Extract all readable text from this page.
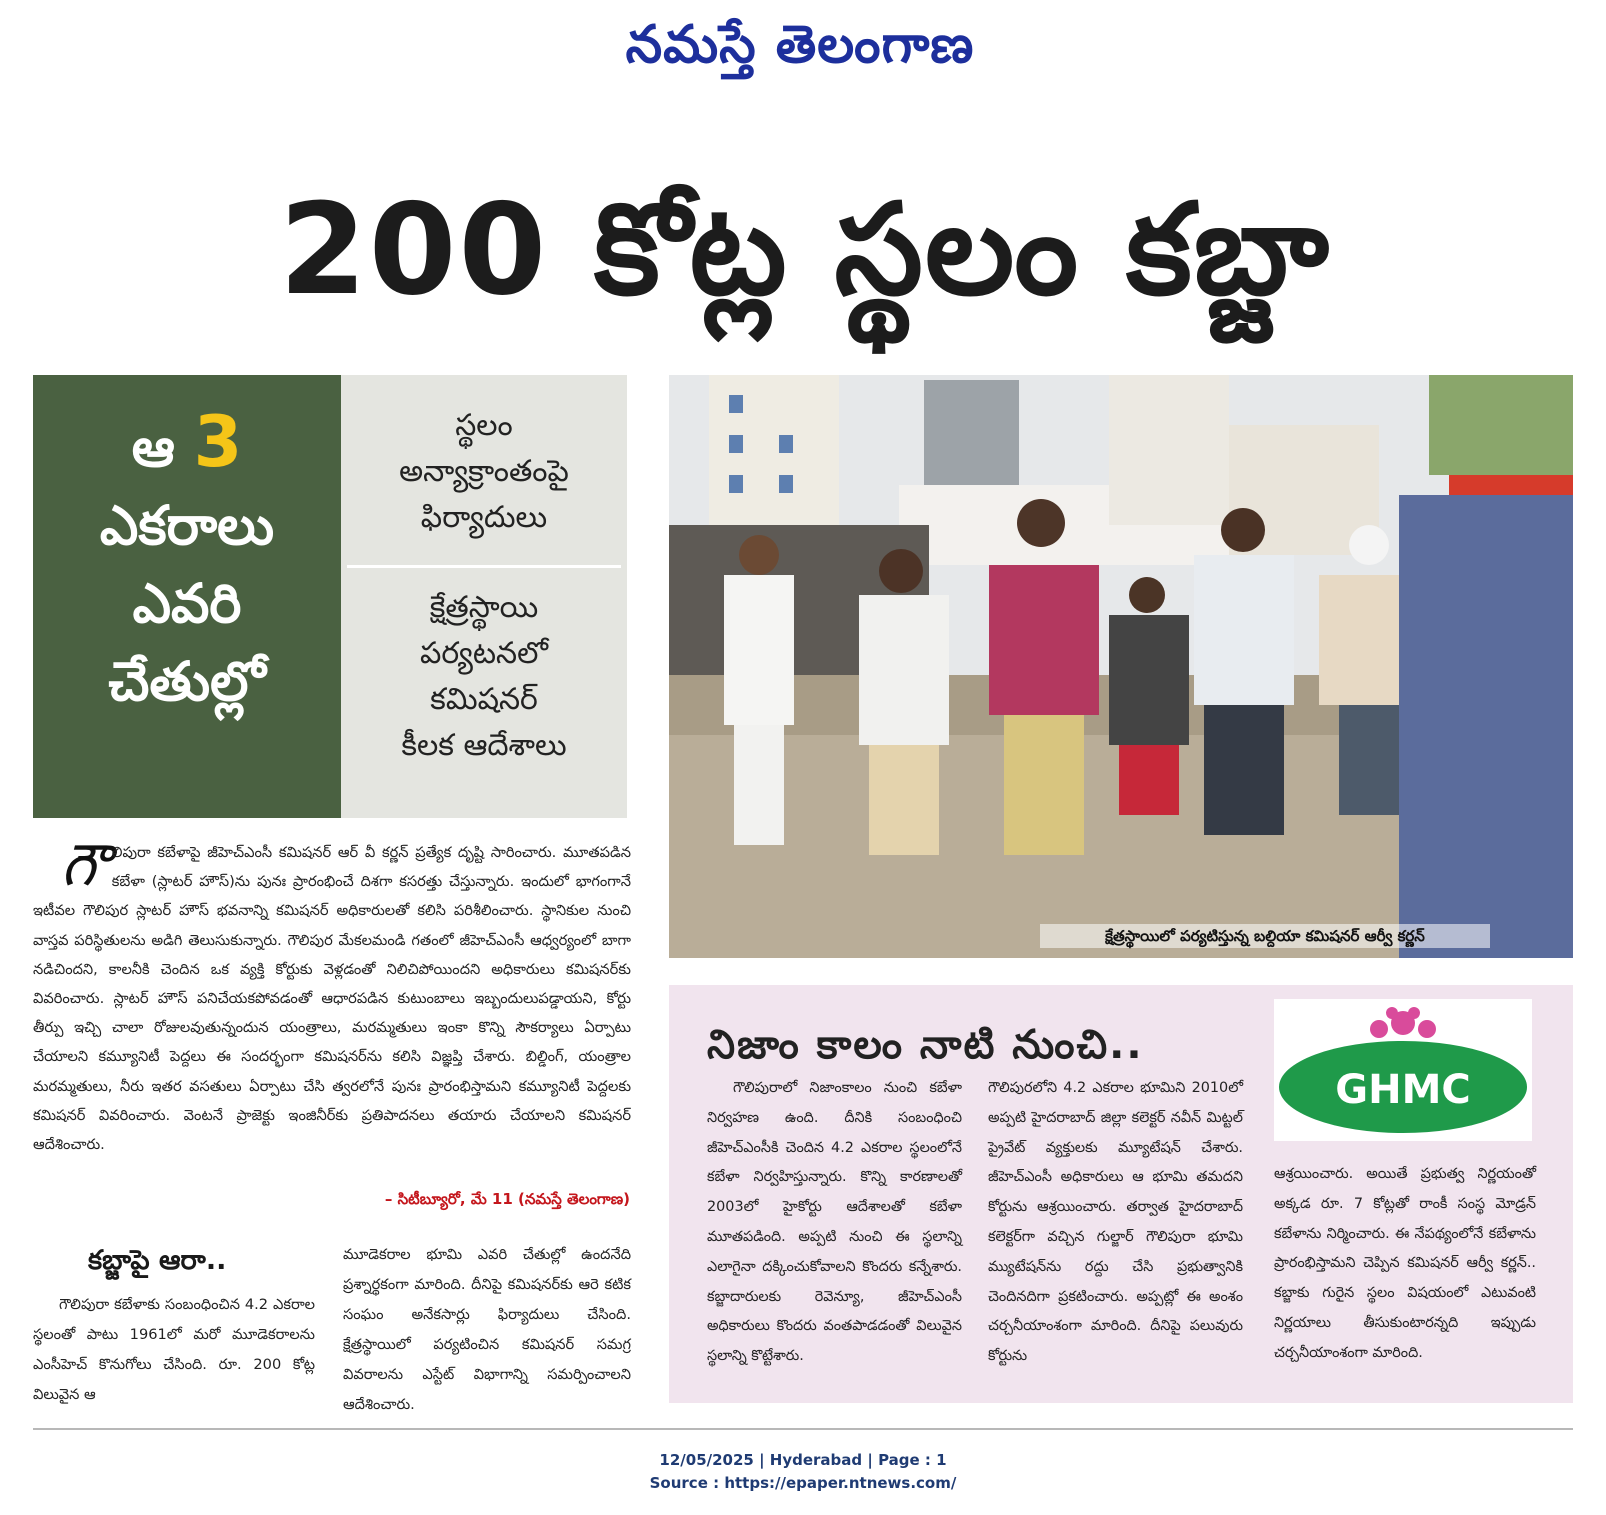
నమస్తే తెలంగాణ
200 కోట్ల స్థలం కబ్జా
ఆ 3
ఎకరాలు
ఎవరి
చేతుల్లో
స్థలం
అన్యాక్రాంతంపై
ఫిర్యాదులు
క్షేత్రస్థాయి
పర్యటనలో
కమిషనర్
కీలక ఆదేశాలు
క్షేత్రస్థాయిలో పర్యటిస్తున్న బల్దియా కమిషనర్ ఆర్వీ కర్ణన్
గౌ లిపురా కబేళాపై జీహెచ్ఎంసీ కమిషనర్ ఆర్ వీ కర్ణన్ ప్రత్యేక దృష్టి సారించారు. మూతపడిన కబేళా (స్లాటర్ హౌస్)ను పునః ప్రారంభించే దిశగా కసరత్తు చేస్తున్నారు. ఇందులో భాగంగానే ఇటీవల గౌలిపుర స్లాటర్ హౌస్ భవనాన్ని కమిషనర్ అధికారులతో కలిసి పరిశీలించారు. స్థానికుల నుంచి వాస్తవ పరిస్థితులను అడిగి తెలుసుకున్నారు. గౌలిపుర మేకలమండి గతంలో జీహెచ్ఎంసీ ఆధ్వర్యంలో బాగా నడిచిందని, కాలనీకి చెందిన ఒక వ్యక్తి కోర్టుకు వెళ్లడంతో నిలిచిపోయిందని అధికారులు కమిషనర్‌కు వివరించారు. స్లాటర్ హౌస్ పనిచేయకపోవడంతో ఆధారపడిన కుటుంబాలు ఇబ్బందులుపడ్డాయని, కోర్టు తీర్పు ఇచ్చి చాలా రోజులవుతున్నందున యంత్రాలు, మరమ్మతులు ఇంకా కొన్ని సౌకర్యాలు ఏర్పాటు చేయాలని కమ్యూనిటీ పెద్దలు ఈ సందర్భంగా కమిషనర్‌ను కలిసి విజ్ఞప్తి చేశారు. బిల్డింగ్, యంత్రాల మరమ్మతులు, నీరు ఇతర వసతులు ఏర్పాటు చేసి త్వరలోనే పునః ప్రారంభిస్తామని కమ్యూనిటీ పెద్దలకు కమిషనర్ వివరించారు. వెంటనే ప్రాజెక్టు ఇంజినీర్‌కు ప్రతిపాదనలు తయారు చేయాలని కమిషనర్ ఆదేశించారు.
– సిటీబ్యూరో, మే 11 (నమస్తే తెలంగాణ)
కబ్జాపై ఆరా..
గౌలిపురా కబేళాకు సంబంధించిన 4.2 ఎకరాల స్థలంతో పాటు 1961లో మరో మూడెకరాలను ఎంసీహెచ్ కొనుగోలు చేసింది. రూ. 200 కోట్ల విలువైన ఆ
మూడెకరాల భూమి ఎవరి చేతుల్లో ఉందనేది ప్రశ్నార్థకంగా మారింది. దీనిపై కమిషనర్‌కు ఆరె కటిక సంఘం అనేకసార్లు ఫిర్యాదులు చేసింది. క్షేత్రస్థాయిలో పర్యటించిన కమిషనర్ సమగ్ర వివరాలను ఎస్టేట్ విభాగాన్ని సమర్పించాలని ఆదేశించారు.
నిజాం కాలం నాటి నుంచి..
గౌలిపురాలో నిజాంకాలం నుంచి కబేళా నిర్వహణ ఉంది. దీనికి సంబంధించి జీహెచ్ఎంసీకి చెందిన 4.2 ఎకరాల స్థలంలోనే కబేళా నిర్వహిస్తున్నారు. కొన్ని కారణాలతో 2003లో హైకోర్టు ఆదేశాలతో కబేళా మూతపడింది. అప్పటి నుంచి ఈ స్థలాన్ని ఎలాగైనా దక్కించుకోవాలని కొందరు కన్నేశారు. కబ్జాదారులకు రెవెన్యూ, జీహెచ్ఎంసీ అధికారులు కొందరు వంతపాడడంతో విలువైన స్థలాన్ని కొట్టేశారు.
గౌలిపురలోని 4.2 ఎకరాల భూమిని 2010లో అప్పటి హైదరాబాద్ జిల్లా కలెక్టర్ నవీన్ మిట్టల్ ప్రైవేట్ వ్యక్తులకు మ్యూటేషన్ చేశారు. జీహెచ్ఎంసీ అధికారులు ఆ భూమి తమదని కోర్టును ఆశ్రయించారు. తర్వాత హైదరాబాద్ కలెక్టర్‌గా వచ్చిన గుల్జార్ గౌలిపురా భూమి మ్యుటేషన్‌ను రద్దు చేసి ప్రభుత్వానికి చెందినదిగా ప్రకటించారు. అప్పట్లో ఈ అంశం చర్చనీయాంశంగా మారింది. దీనిపై పలువురు కోర్టును
ఆశ్రయించారు. అయితే ప్రభుత్వ నిర్ణయంతో అక్కడ రూ. 7 కోట్లతో రాంకీ సంస్థ మోడ్రన్ కబేళాను నిర్మించారు. ఈ నేపథ్యంలోనే కబేళాను ప్రారంభిస్తామని చెప్పిన కమిషనర్ ఆర్వీ కర్ణన్.. కబ్జాకు గురైన స్థలం విషయంలో ఎటువంటి నిర్ణయాలు తీసుకుంటారన్నది ఇప్పుడు చర్చనీయాంశంగా మారింది.
GHMC
12/05/2025 | Hyderabad | Page : 1
Source : https://epaper.ntnews.com/
